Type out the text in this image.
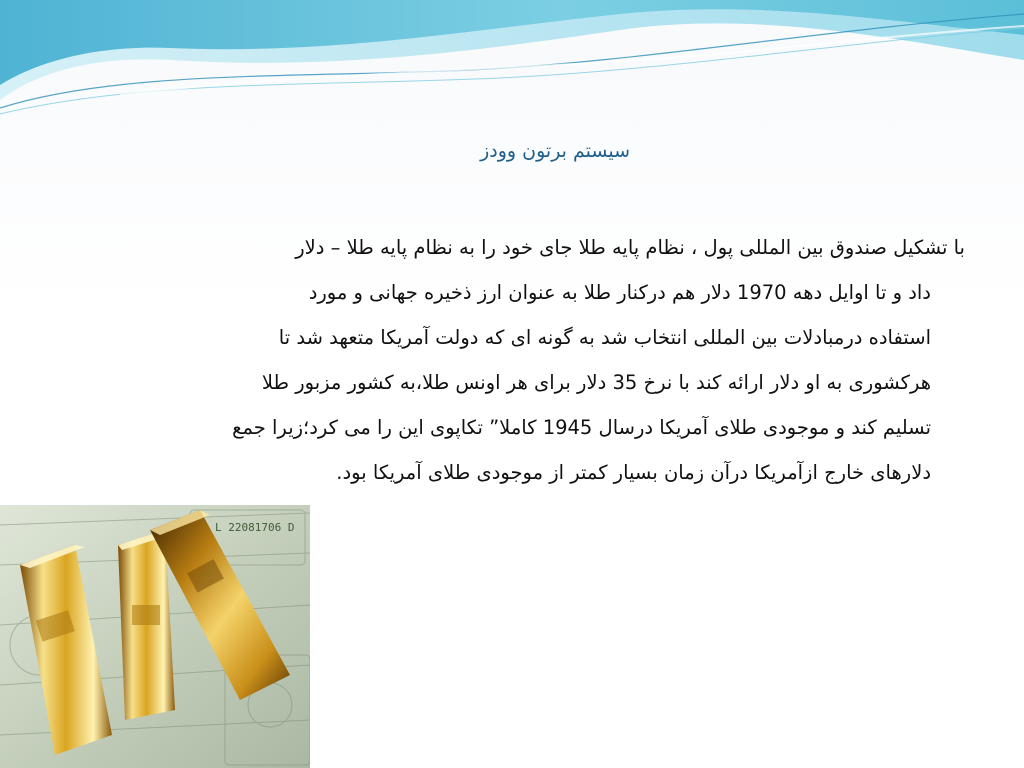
سیستم برتون وودز
با تشکیل صندوق بین المللی پول ، نظام پایه طلا جای خود را به نظام پایه طلا – دلار
داد و تا اوایل دهه 1970 دلار هم درکنار طلا به عنوان ارز ذخیره جهانی و مورد
استفاده درمبادلات بین المللی انتخاب شد به گونه ای که دولت آمریکا متعهد شد تا
هرکشوری به او دلار ارائه کند با نرخ 35 دلار برای هر اونس طلا،به کشور مزبور طلا
تسلیم کند و موجودی طلای آمریکا درسال 1945 کاملا” تکاپوی این را می کرد؛زیرا جمع
دلارهای خارج ازآمریکا درآن زمان بسیار کمتر از موجودی طلای آمریکا بود.
L 22081706 D
